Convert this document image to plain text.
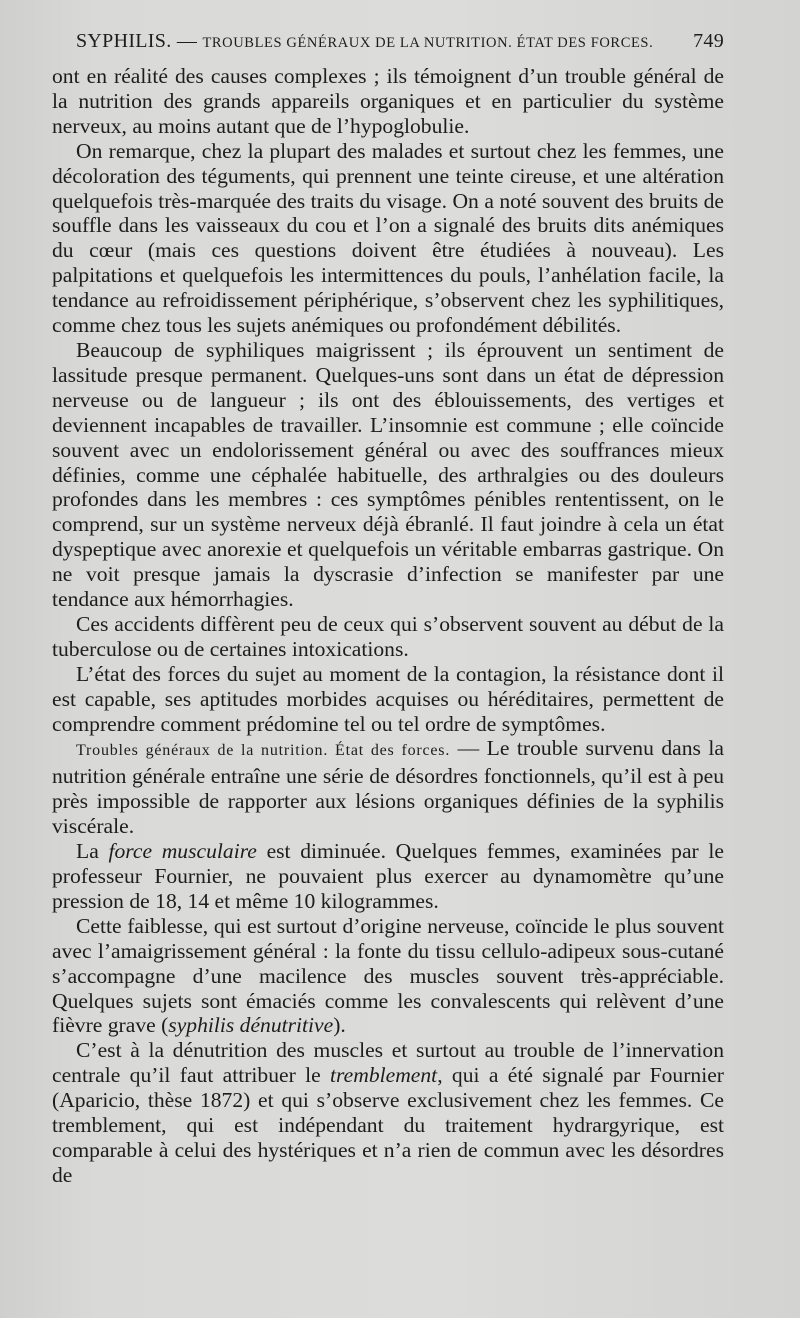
SYPHILIS. — TROUBLES GÉNÉRAUX DE LA NUTRITION. ÉTAT DES FORCES. 749

ont en réalité des causes complexes ; ils témoignent d’un trouble général de la nutrition des grands appareils organiques et en particulier du système nerveux, au moins autant que de l’hypoglobulie.

On remarque, chez la plupart des malades et surtout chez les femmes, une décoloration des téguments, qui prennent une teinte cireuse, et une altération quelquefois très-marquée des traits du visage. On a noté souvent des bruits de souffle dans les vaisseaux du cou et l’on a signalé des bruits dits anémiques du cœur (mais ces questions doivent être étudiées à nouveau). Les palpitations et quelquefois les intermittences du pouls, l’anhélation facile, la tendance au refroidissement périphérique, s’observent chez les syphilitiques, comme chez tous les sujets anémiques ou profondément débilités.

Beaucoup de syphiliques maigrissent ; ils éprouvent un sentiment de lassitude presque permanent. Quelques-uns sont dans un état de dépression nerveuse ou de langueur ; ils ont des éblouissements, des vertiges et deviennent incapables de travailler. L’insomnie est commune ; elle coïncide souvent avec un endolorissement général ou avec des souffrances mieux définies, comme une céphalée habituelle, des arthralgies ou des douleurs profondes dans les membres : ces symptômes pénibles rententissent, on le comprend, sur un système nerveux déjà ébranlé. Il faut joindre à cela un état dyspeptique avec anorexie et quelquefois un véritable embarras gastrique. On ne voit presque jamais la dyscrasie d’infection se manifester par une tendance aux hémorrhagies.

Ces accidents diffèrent peu de ceux qui s’observent souvent au début de la tuberculose ou de certaines intoxications.

L’état des forces du sujet au moment de la contagion, la résistance dont il est capable, ses aptitudes morbides acquises ou héréditaires, permettent de comprendre comment prédomine tel ou tel ordre de symptômes.

Troubles généraux de la nutrition. État des forces. — Le trouble survenu dans la nutrition générale entraîne une série de désordres fonctionnels, qu’il est à peu près impossible de rapporter aux lésions organiques définies de la syphilis viscérale.

La force musculaire est diminuée. Quelques femmes, examinées par le professeur Fournier, ne pouvaient plus exercer au dynamomètre qu’une pression de 18, 14 et même 10 kilogrammes.

Cette faiblesse, qui est surtout d’origine nerveuse, coïncide le plus souvent avec l’amaigrissement général : la fonte du tissu cellulo-adipeux sous-cutané s’accompagne d’une macilence des muscles souvent très-appréciable. Quelques sujets sont émaciés comme les convalescents qui relèvent d’une fièvre grave (syphilis dénutritive).

C’est à la dénutrition des muscles et surtout au trouble de l’innervation centrale qu’il faut attribuer le tremblement, qui a été signalé par Fournier (Aparicio, thèse 1872) et qui s’observe exclusivement chez les femmes. Ce tremblement, qui est indépendant du traitement hydrargyrique, est comparable à celui des hystériques et n’a rien de commun avec les désordres de
